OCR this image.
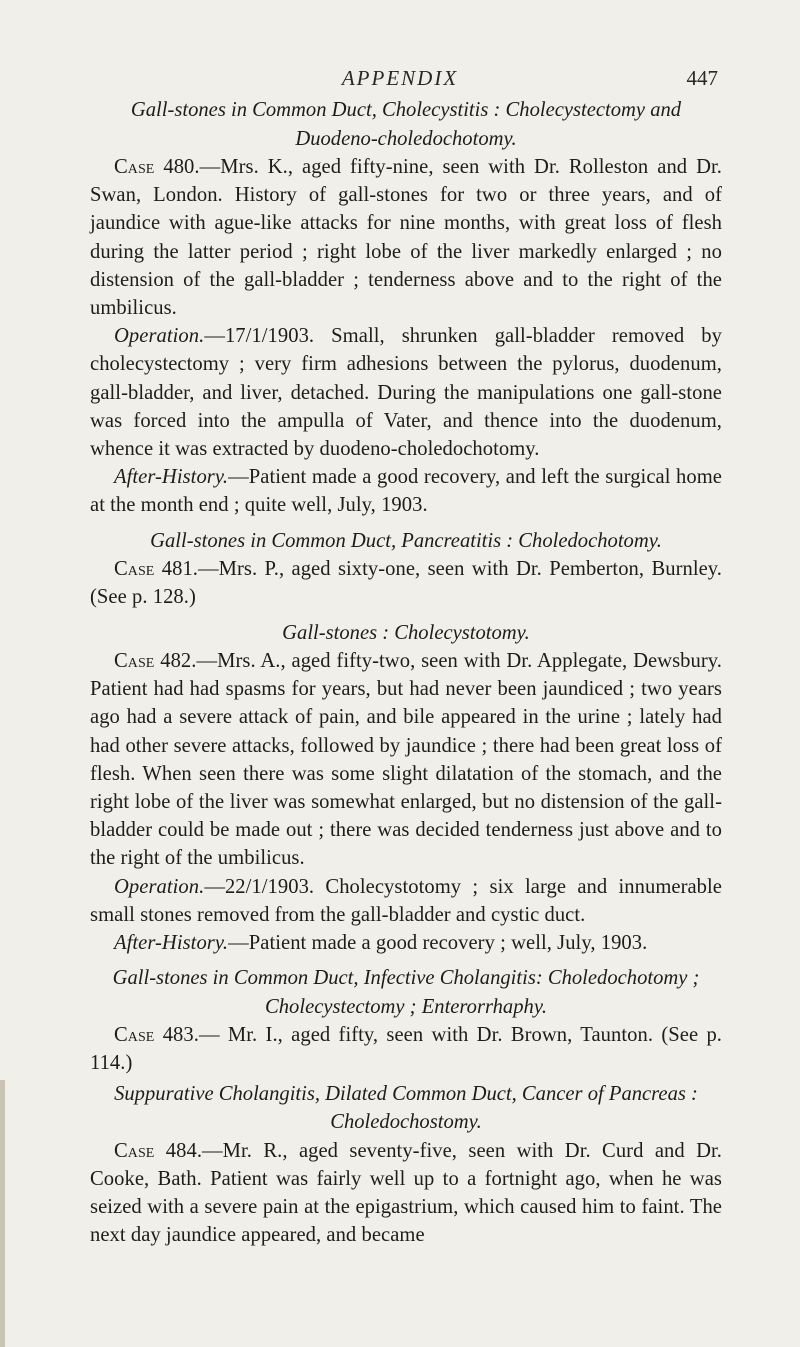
APPENDIX	447

Gall-stones in Common Duct, Cholecystitis : Cholecystectomy and
Duodeno-choledochotomy.

Case 480.—Mrs. K., aged fifty-nine, seen with Dr. Rolleston and Dr. Swan, London. History of gall-stones for two or three years, and of jaundice with ague-like attacks for nine months, with great loss of flesh during the latter period ; right lobe of the liver markedly enlarged ; no distension of the gall-bladder ; tenderness above and to the right of the umbilicus.

Operation.—17/1/1903. Small, shrunken gall-bladder removed by cholecystectomy ; very firm adhesions between the pylorus, duodenum, gall-bladder, and liver, detached. During the manipulations one gall-stone was forced into the ampulla of Vater, and thence into the duodenum, whence it was extracted by duodeno-choledochotomy.

After-History.—Patient made a good recovery, and left the surgical home at the month end ; quite well, July, 1903.

Gall-stones in Common Duct, Pancreatitis : Choledochotomy.

Case 481.—Mrs. P., aged sixty-one, seen with Dr. Pemberton, Burnley. (See p. 128.)

Gall-stones : Cholecystotomy.

Case 482.—Mrs. A., aged fifty-two, seen with Dr. Applegate, Dewsbury. Patient had had spasms for years, but had never been jaundiced ; two years ago had a severe attack of pain, and bile appeared in the urine ; lately had had other severe attacks, followed by jaundice ; there had been great loss of flesh. When seen there was some slight dilatation of the stomach, and the right lobe of the liver was somewhat enlarged, but no distension of the gall-bladder could be made out ; there was decided tenderness just above and to the right of the umbilicus.

Operation.—22/1/1903. Cholecystotomy ; six large and innumerable small stones removed from the gall-bladder and cystic duct.

After-History.—Patient made a good recovery ; well, July, 1903.

Gall-stones in Common Duct, Infective Cholangitis: Choledochotomy ;
Cholecystectomy ; Enterorrhaphy.

Case 483.— Mr. I., aged fifty, seen with Dr. Brown, Taunton. (See p. 114.)

Suppurative Cholangitis, Dilated Common Duct, Cancer of Pancreas :
Choledochostomy.

Case 484.—Mr. R., aged seventy-five, seen with Dr. Curd and Dr. Cooke, Bath. Patient was fairly well up to a fortnight ago, when he was seized with a severe pain at the epigastrium, which caused him to faint. The next day jaundice appeared, and became
